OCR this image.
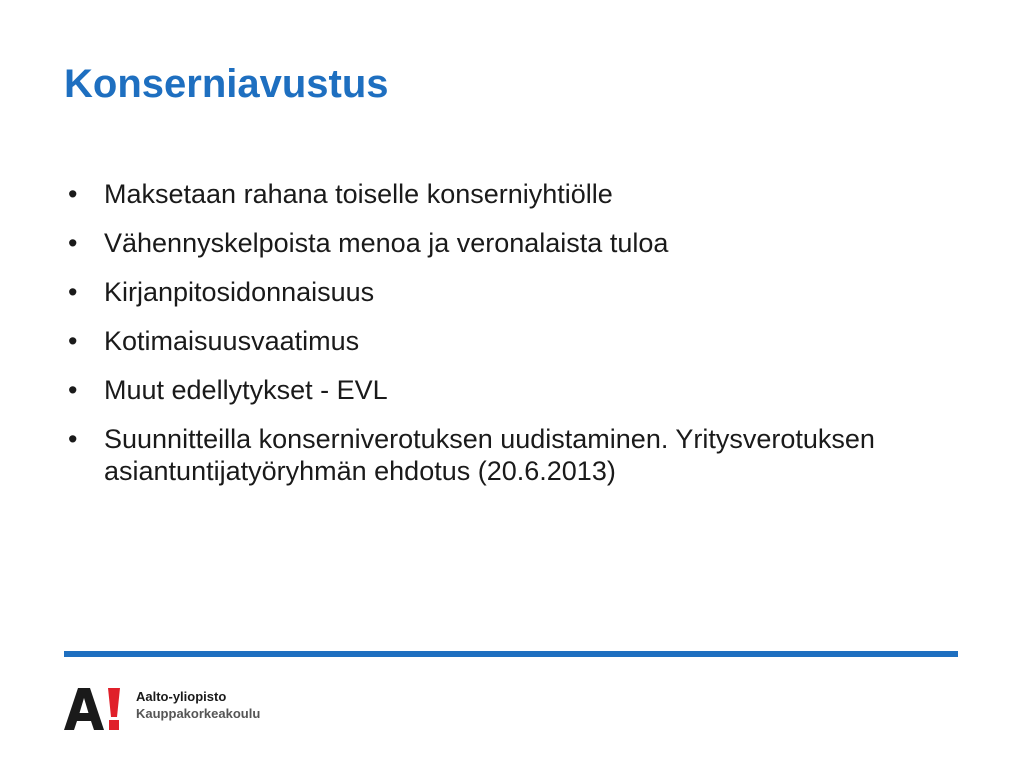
Konserniavustus
• Maksetaan rahana toiselle konserniyhtiölle
• Vähennyskelpoista menoa ja veronalaista tuloa
• Kirjanpitosidonnaisuus
• Kotimaisuusvaatimus
• Muut edellytykset - EVL
• Suunnitteilla konserniverotuksen uudistaminen. Yritysverotuksen asiantuntijatyöryhmän ehdotus (20.6.2013)
Aalto-yliopisto
Kauppakorkeakoulu
